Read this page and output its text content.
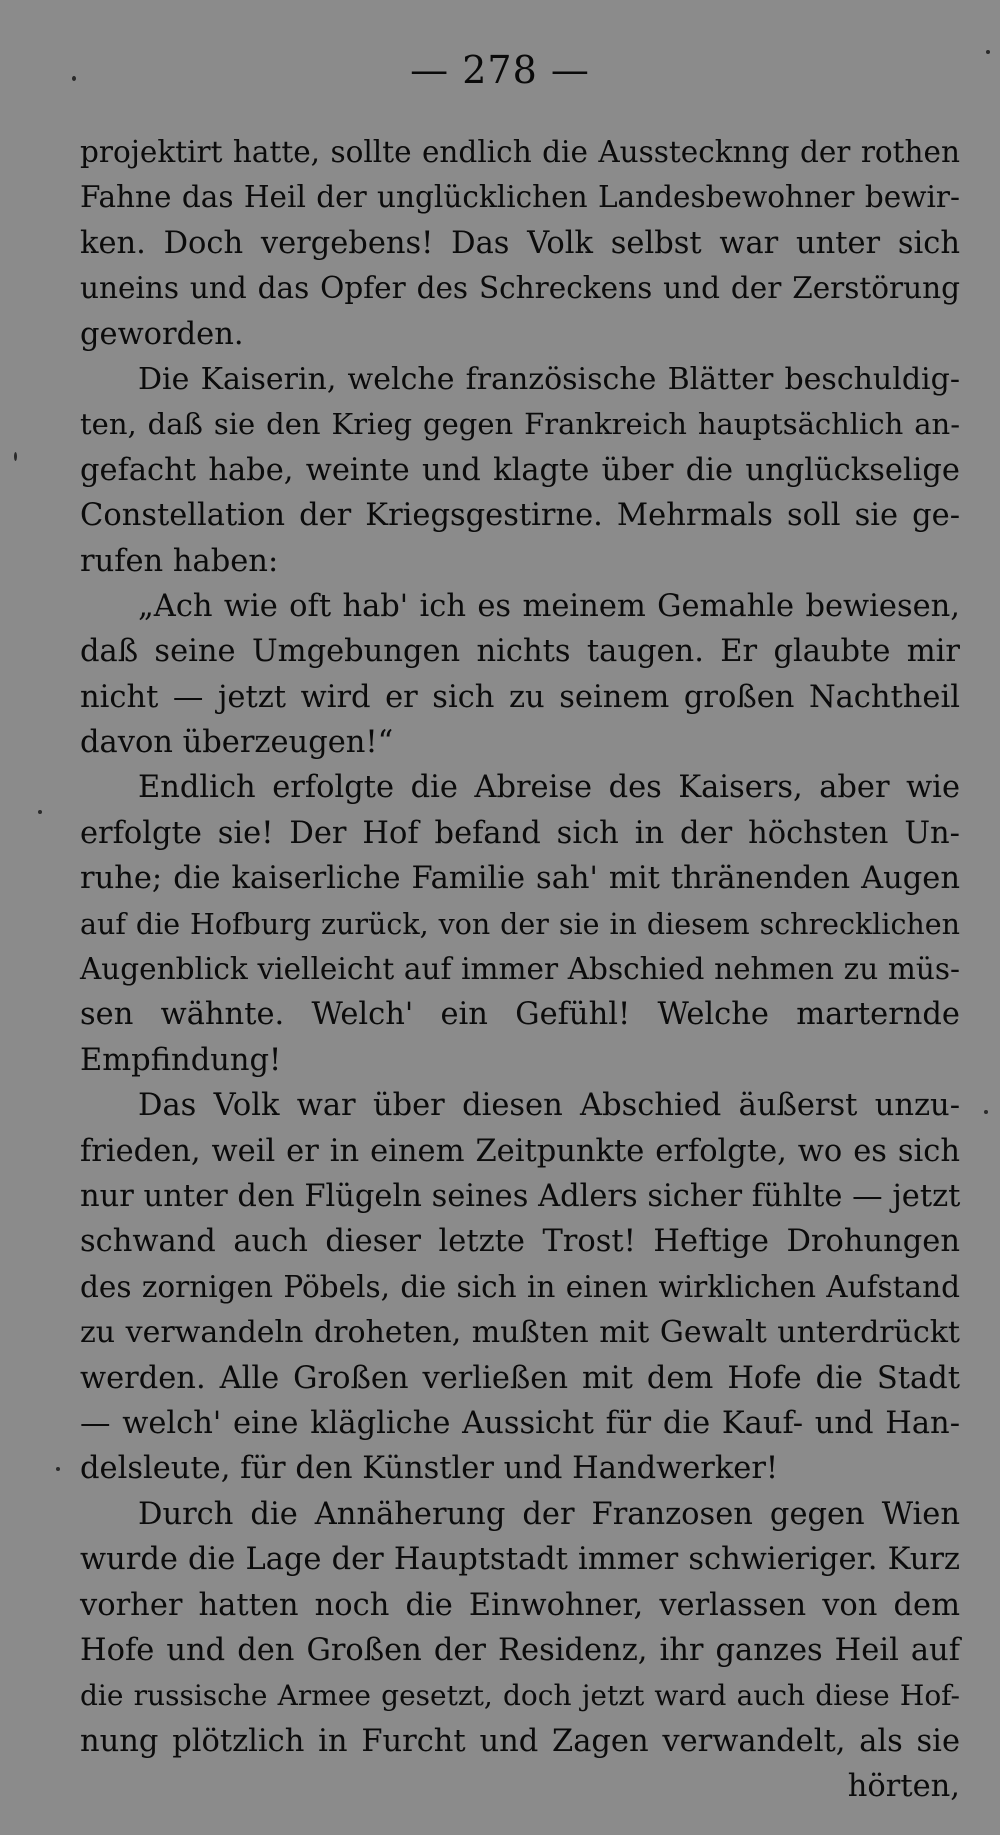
— 278 —
projektirt hatte, sollte endlich die Ausstecknng der rothen
Fahne das Heil der unglücklichen Landesbewohner bewir-
ken. Doch vergebens! Das Volk selbst war unter sich
uneins und das Opfer des Schreckens und der Zerstörung
geworden.
Die Kaiserin, welche französische Blätter beschuldig-
ten, daß sie den Krieg gegen Frankreich hauptsächlich an-
gefacht habe, weinte und klagte über die unglückselige
Constellation der Kriegsgestirne. Mehrmals soll sie ge-
rufen haben:
„Ach wie oft hab' ich es meinem Gemahle bewiesen,
daß seine Umgebungen nichts taugen. Er glaubte mir
nicht — jetzt wird er sich zu seinem großen Nachtheil
davon überzeugen!“
Endlich erfolgte die Abreise des Kaisers, aber wie
erfolgte sie! Der Hof befand sich in der höchsten Un-
ruhe; die kaiserliche Familie sah' mit thränenden Augen
auf die Hofburg zurück, von der sie in diesem schrecklichen
Augenblick vielleicht auf immer Abschied nehmen zu müs-
sen wähnte. Welch' ein Gefühl! Welche marternde
Empfindung!
Das Volk war über diesen Abschied äußerst unzu-
frieden, weil er in einem Zeitpunkte erfolgte, wo es sich
nur unter den Flügeln seines Adlers sicher fühlte — jetzt
schwand auch dieser letzte Trost! Heftige Drohungen
des zornigen Pöbels, die sich in einen wirklichen Aufstand
zu verwandeln droheten, mußten mit Gewalt unterdrückt
werden. Alle Großen verließen mit dem Hofe die Stadt
— welch' eine klägliche Aussicht für die Kauf- und Han-
delsleute, für den Künstler und Handwerker!
Durch die Annäherung der Franzosen gegen Wien
wurde die Lage der Hauptstadt immer schwieriger. Kurz
vorher hatten noch die Einwohner, verlassen von dem
Hofe und den Großen der Residenz, ihr ganzes Heil auf
die russische Armee gesetzt, doch jetzt ward auch diese Hof-
nung plötzlich in Furcht und Zagen verwandelt, als sie
hörten,
